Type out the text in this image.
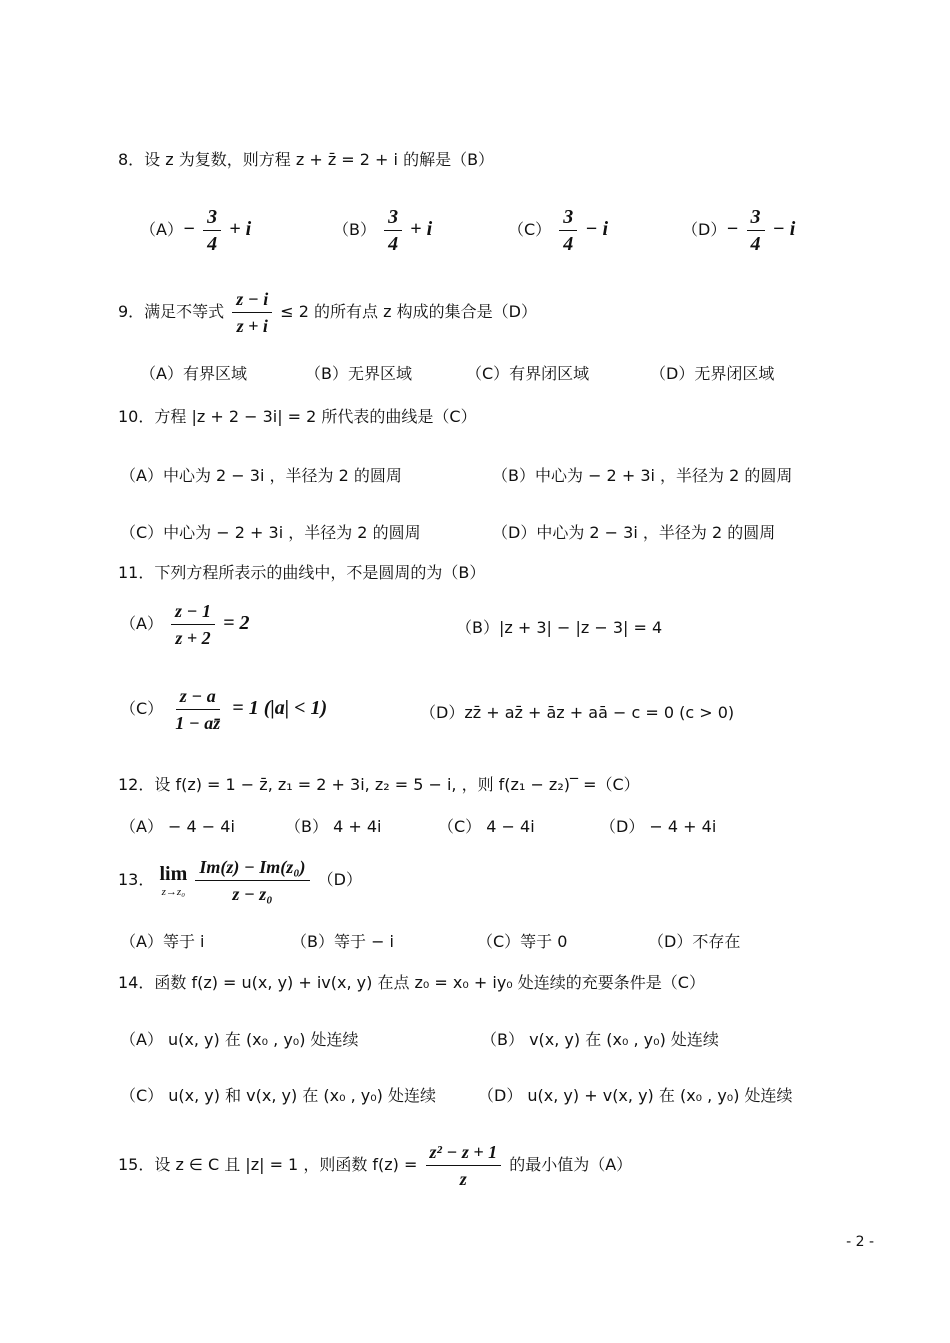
8．设 z 为复数，则方程 z + z̄ = 2 + i 的解是（B）
$(A)- \frac{3}{4} + i$	$(B) \frac{3}{4} + i$	$(C) \frac{3}{4} - i$	$(D)- \frac{3}{4} - i$
9．满足不等式 $\frac{z - i}{z + i} \le 2$ 的所有点 z 构成的集合是（D）
（A）有界区域	（B）无界区域	（C）有界闭区域	（D）无界闭区域
10．方程 |z + 2 − 3i| = 2 所代表的曲线是（C）
（A）中心为 2 − 3i ，半径为 2 的圆周	（B）中心为 − 2 + 3i ，半径为 2 的圆周
（C）中心为 − 2 + 3i ，半径为 2 的圆周	（D）中心为 2 − 3i ，半径为 2 的圆周
11．下列方程所表示的曲线中，不是圆周的为（B）
$(A) \frac{z - 1}{z + 2} = 2$	（B）|z + 3| − |z − 3| = 4
$(C) \frac{z - a}{1 - az̄} = 1$ (|a| < 1)	（D）zz̄ + az̄ + āz + aā − c = 0 (c > 0)
12．设 f(z) = 1 − z̄, z₁ = 2 + 3i, z₂ = 5 − i, ，则 f(z₁ − z₂)‾ =（C）
（A） − 4 − 4i	（B） 4 + 4i	（C） 4 − 4i	（D） − 4 + 4i
13． lim
z→z₀
$\frac{\text{Im(z) − Im(z₀)}}{\text{z − z₀}} (D)$
（A）等于 i	（B）等于 − i	（C）等于 0	（D）不存在
14．函数 f(z) = u(x, y) + iv(x, y) 在点 z₀ = x₀ + iy₀ 处连续的充要条件是（C）
（A） u(x, y) 在 (x₀ , y₀) 处连续	（B） v(x, y) 在 (x₀ , y₀) 处连续
（C） u(x, y) 和 v(x, y) 在 (x₀ , y₀) 处连续	（D） u(x, y) + v(x, y) 在 (x₀ , y₀) 处连续
15．设 z ∈ C 且 |z| = 1 ，则函数 $f(z) = \frac{\text{z² − z + 1}}{z}$ 的最小值为（A）
- 2 -
